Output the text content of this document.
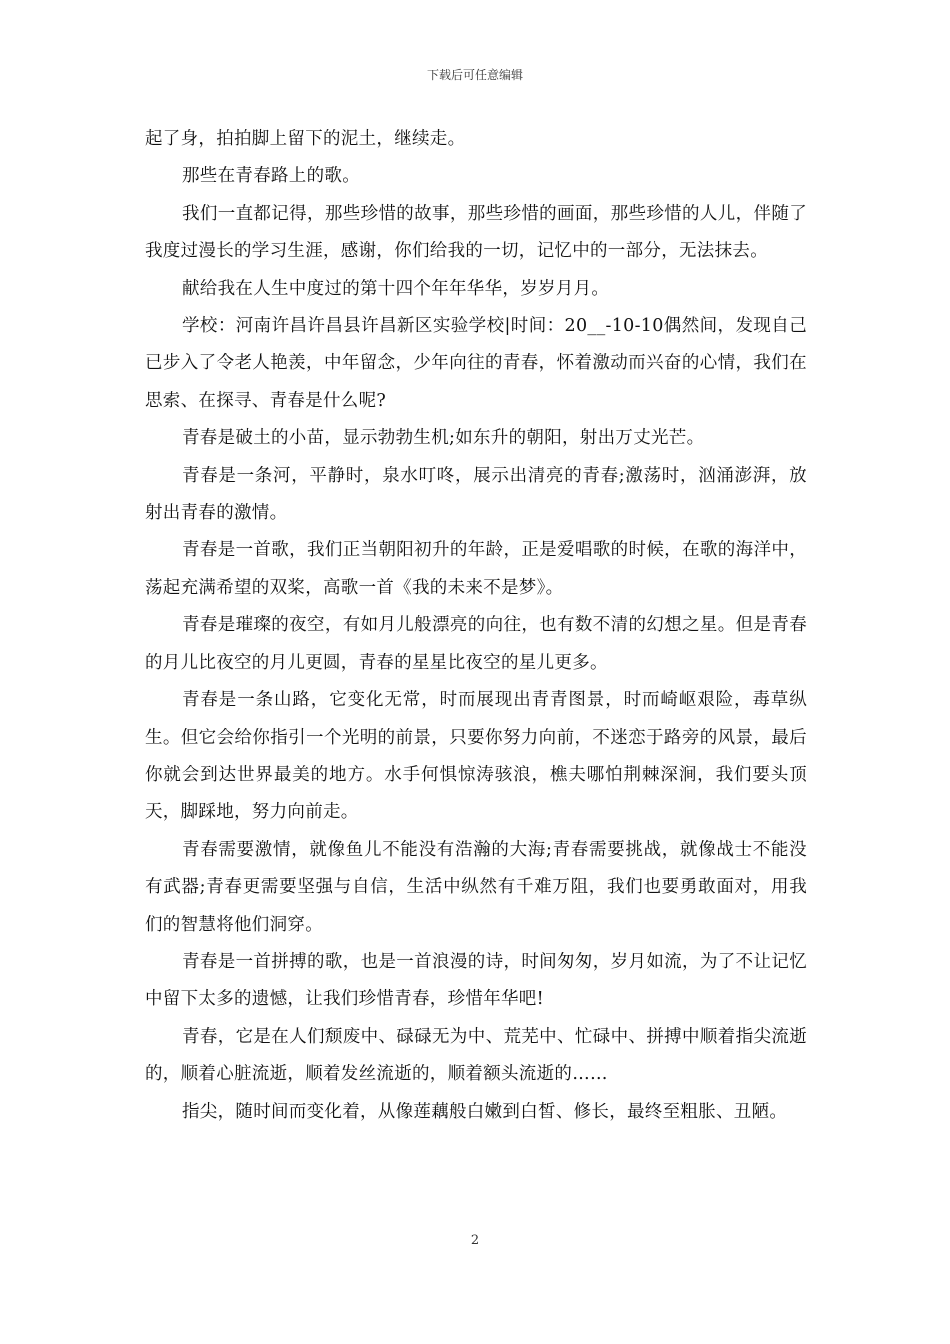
下载后可任意编辑

起了身，拍拍脚上留下的泥土，继续走。

那些在青春路上的歌。

我们一直都记得，那些珍惜的故事，那些珍惜的画面，那些珍惜的人儿，伴随了我度过漫长的学习生涯，感谢，你们给我的一切，记忆中的一部分，无法抹去。

献给我在人生中度过的第十四个年年华华，岁岁月月。

学校：河南许昌许昌县许昌新区实验学校|时间：20__-10-10偶然间，发现自己已步入了令老人艳羡，中年留念，少年向往的青春，怀着激动而兴奋的心情，我们在思索、在探寻、青春是什么呢?

青春是破土的小苗，显示勃勃生机;如东升的朝阳，射出万丈光芒。

青春是一条河，平静时，泉水叮咚，展示出清亮的青春;激荡时，汹涌澎湃，放射出青春的激情。

青春是一首歌，我们正当朝阳初升的年龄，正是爱唱歌的时候，在歌的海洋中，荡起充满希望的双桨，高歌一首《我的未来不是梦》。

青春是璀璨的夜空，有如月儿般漂亮的向往，也有数不清的幻想之星。但是青春的月儿比夜空的月儿更圆，青春的星星比夜空的星儿更多。

青春是一条山路，它变化无常，时而展现出青青图景，时而崎岖艰险，毒草纵生。但它会给你指引一个光明的前景，只要你努力向前，不迷恋于路旁的风景，最后你就会到达世界最美的地方。水手何惧惊涛骇浪，樵夫哪怕荆棘深涧，我们要头顶天，脚踩地，努力向前走。

青春需要激情，就像鱼儿不能没有浩瀚的大海;青春需要挑战，就像战士不能没有武器;青春更需要坚强与自信，生活中纵然有千难万阻，我们也要勇敢面对，用我们的智慧将他们洞穿。

青春是一首拼搏的歌，也是一首浪漫的诗，时间匆匆，岁月如流，为了不让记忆中留下太多的遗憾，让我们珍惜青春，珍惜年华吧!

青春，它是在人们颓废中、碌碌无为中、荒芜中、忙碌中、拼搏中顺着指尖流逝的，顺着心脏流逝，顺着发丝流逝的，顺着额头流逝的……

指尖，随时间而变化着，从像莲藕般白嫩到白皙、修长，最终至粗胀、丑陋。

2
